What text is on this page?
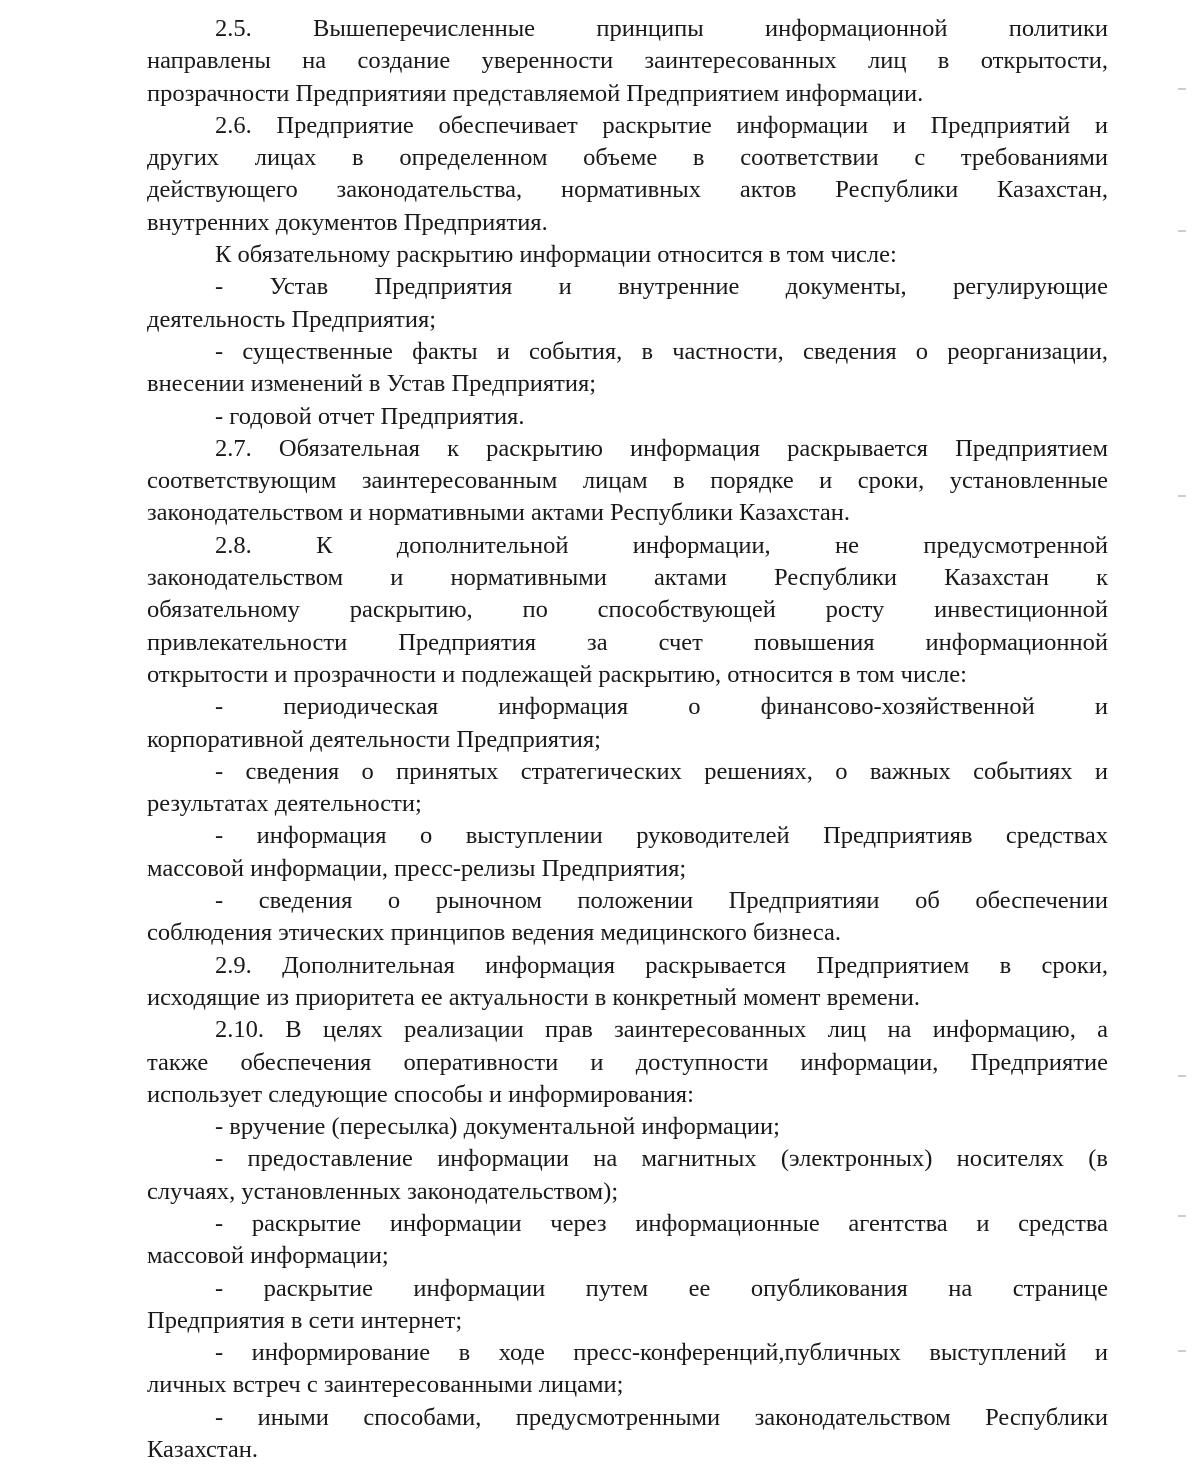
2.5. Вышеперечисленные принципы информационной политики
направлены на создание уверенности заинтересованных лиц в открытости,
прозрачности Предприятияи представляемой Предприятием информации.
2.6. Предприятие обеспечивает раскрытие информации и Предприятий и
других лицах в определенном объеме в соответствии с требованиями
действующего законодательства, нормативных актов Республики Казахстан,
внутренних документов Предприятия.
К обязательному раскрытию информации относится в том числе:
- Устав Предприятия и внутренние документы, регулирующие
деятельность Предприятия;
- существенные факты и события, в частности, сведения о реорганизации,
внесении изменений в Устав Предприятия;
- годовой отчет Предприятия.
2.7. Обязательная к раскрытию информация раскрывается Предприятием
соответствующим заинтересованным лицам в порядке и сроки, установленные
законодательством и нормативными актами Республики Казахстан.
2.8. К дополнительной информации, не предусмотренной
законодательством и нормативными актами Республики Казахстан к
обязательному раскрытию, по способствующей росту инвестиционной
привлекательности Предприятия за счет повышения информационной
открытости и прозрачности и подлежащей раскрытию, относится в том числе:
- периодическая информация о финансово-хозяйственной и
корпоративной деятельности Предприятия;
- сведения о принятых стратегических решениях, о важных событиях и
результатах деятельности;
- информация о выступлении руководителей Предприятияв средствах
массовой информации, пресс-релизы Предприятия;
- сведения о рыночном положении Предприятияи об обеспечении
соблюдения этических принципов ведения медицинского бизнеса.
2.9. Дополнительная информация раскрывается Предприятием в сроки,
исходящие из приоритета ее актуальности в конкретный момент времени.
2.10. В целях реализации прав заинтересованных лиц на информацию, а
также обеспечения оперативности и доступности информации, Предприятие
использует следующие способы и информирования:
- вручение (пересылка) документальной информации;
- предоставление информации на магнитных (электронных) носителях (в
случаях, установленных законодательством);
- раскрытие информации через информационные агентства и средства
массовой информации;
- раскрытие информации путем ее опубликования на странице
Предприятия в сети интернет;
- информирование в ходе пресс-конференций,публичных выступлений и
личных встреч с заинтересованными лицами;
- иными способами, предусмотренными законодательством Республики
Казахстан.
